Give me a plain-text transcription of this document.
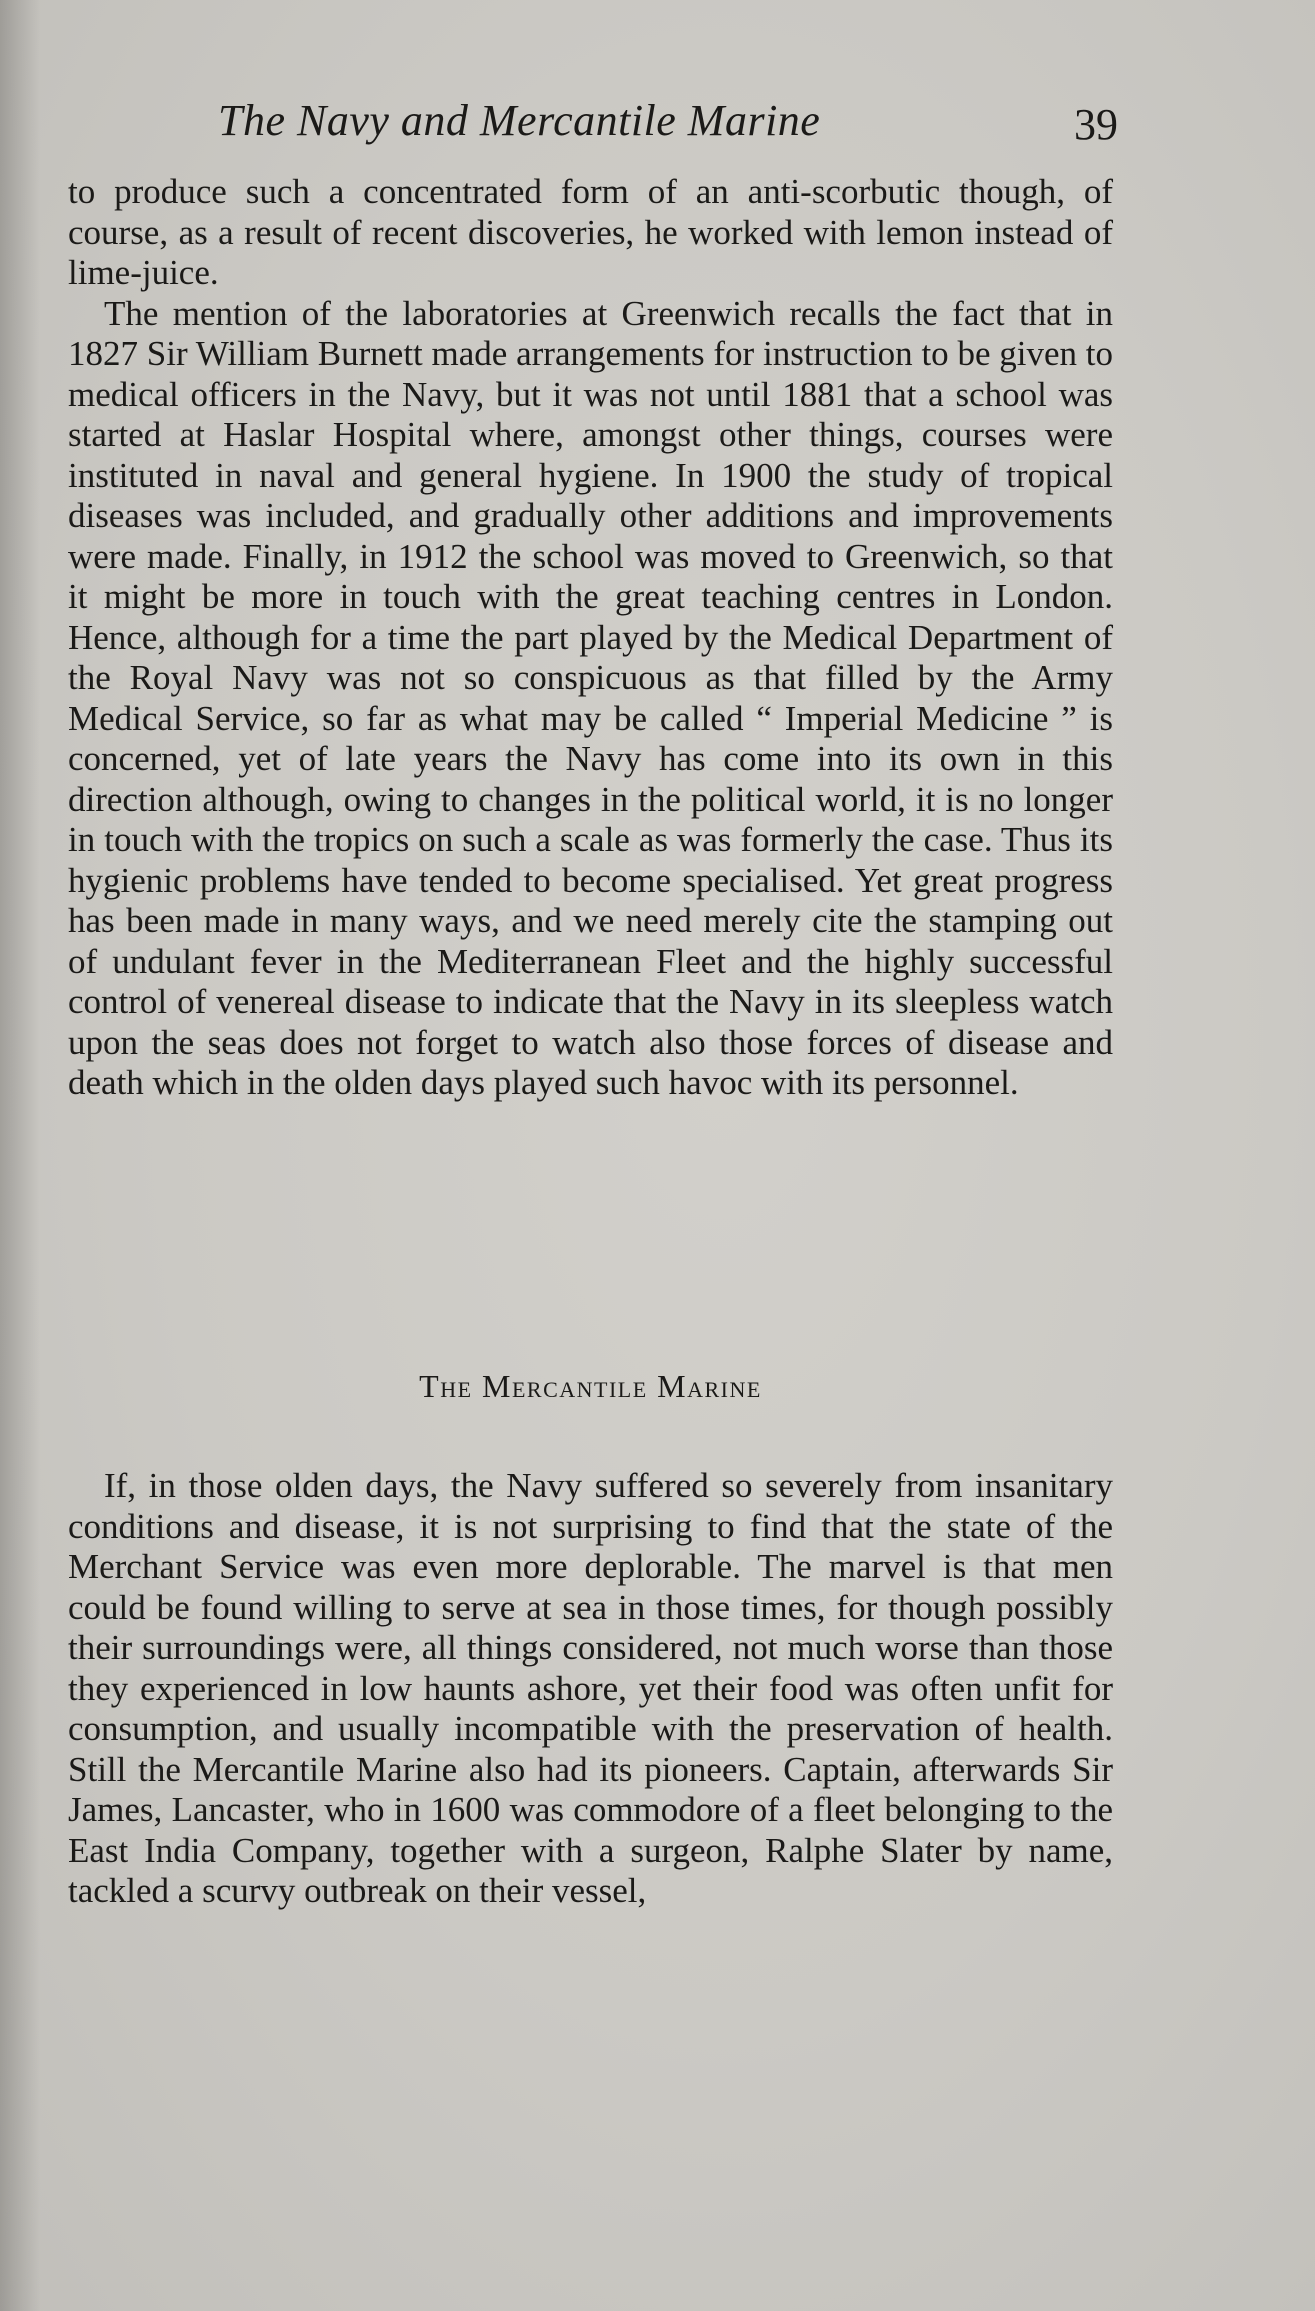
The Navy and Mercantile Marine	39

to produce such a concentrated form of an anti-scorbutic though, of course, as a result of recent discoveries, he worked with lemon instead of lime-juice.

The mention of the laboratories at Greenwich recalls the fact that in 1827 Sir William Burnett made arrangements for instruction to be given to medical officers in the Navy, but it was not until 1881 that a school was started at Haslar Hospital where, amongst other things, courses were instituted in naval and general hygiene. In 1900 the study of tropical diseases was included, and gradually other additions and improvements were made. Finally, in 1912 the school was moved to Greenwich, so that it might be more in touch with the great teaching centres in London. Hence, although for a time the part played by the Medical Department of the Royal Navy was not so conspicuous as that filled by the Army Medical Service, so far as what may be called “ Imperial Medicine ” is concerned, yet of late years the Navy has come into its own in this direction although, owing to changes in the political world, it is no longer in touch with the tropics on such a scale as was formerly the case. Thus its hygienic problems have tended to become specialised. Yet great progress has been made in many ways, and we need merely cite the stamping out of undulant fever in the Mediterranean Fleet and the highly successful control of venereal disease to indicate that the Navy in its sleepless watch upon the seas does not forget to watch also those forces of disease and death which in the olden days played such havoc with its personnel.

The Mercantile Marine

If, in those olden days, the Navy suffered so severely from insanitary conditions and disease, it is not surprising to find that the state of the Merchant Service was even more deplorable. The marvel is that men could be found willing to serve at sea in those times, for though possibly their surroundings were, all things considered, not much worse than those they experienced in low haunts ashore, yet their food was often unfit for consumption, and usually incompatible with the preservation of health. Still the Mercantile Marine also had its pioneers. Captain, afterwards Sir James, Lancaster, who in 1600 was commodore of a fleet belonging to the East India Company, together with a surgeon, Ralphe Slater by name, tackled a scurvy outbreak on their vessel,
